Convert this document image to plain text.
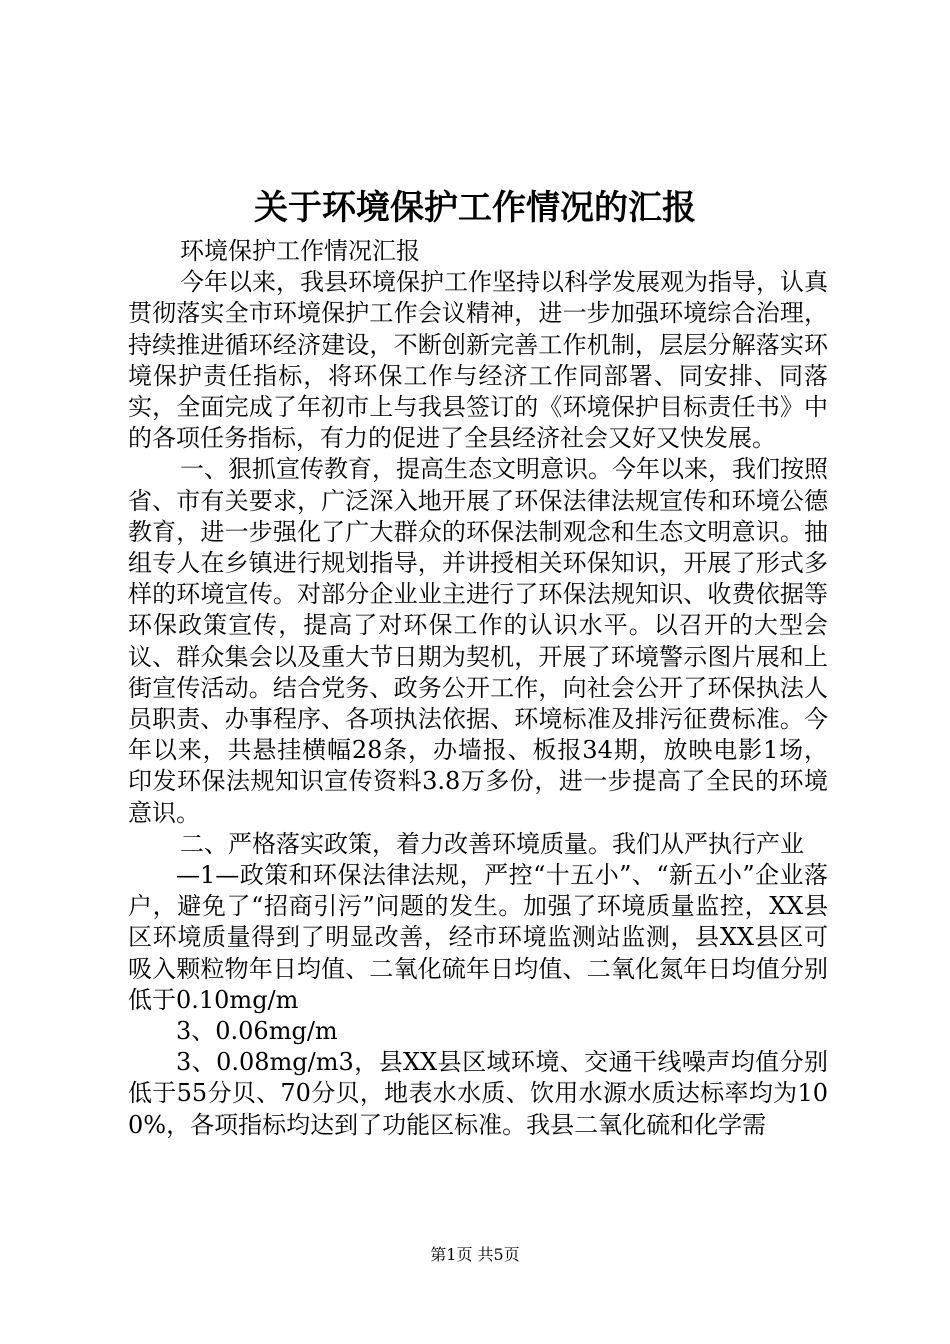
关于环境保护工作情况的汇报

环境保护工作情况汇报

今年以来，我县环境保护工作坚持以科学发展观为指导，认真贯彻落实全市环境保护工作会议精神，进一步加强环境综合治理，持续推进循环经济建设，不断创新完善工作机制，层层分解落实环境保护责任指标，将环保工作与经济工作同部署、同安排、同落实，全面完成了年初市上与我县签订的《环境保护目标责任书》中的各项任务指标，有力的促进了全县经济社会又好又快发展。

一、狠抓宣传教育，提高生态文明意识。今年以来，我们按照省、市有关要求，广泛深入地开展了环保法律法规宣传和环境公德教育，进一步强化了广大群众的环保法制观念和生态文明意识。抽组专人在乡镇进行规划指导，并讲授相关环保知识，开展了形式多样的环境宣传。对部分企业业主进行了环保法规知识、收费依据等环保政策宣传，提高了对环保工作的认识水平。以召开的大型会议、群众集会以及重大节日期为契机，开展了环境警示图片展和上街宣传活动。结合党务、政务公开工作，向社会公开了环保执法人员职责、办事程序、各项执法依据、环境标准及排污征费标准。今年以来，共悬挂横幅28条，办墙报、板报34期，放映电影1场，印发环保法规知识宣传资料3.8万多份，进一步提高了全民的环境意识。

二、严格落实政策，着力改善环境质量。我们从严执行产业

—1—政策和环保法律法规，严控“十五小”、“新五小”企业落户，避免了“招商引污”问题的发生。加强了环境质量监控，XX县区环境质量得到了明显改善，经市环境监测站监测，县XX县区可吸入颗粒物年日均值、二氧化硫年日均值、二氧化氮年日均值分别低于0.10mg/m

3、0.06mg/m

3、0.08mg/m3，县XX县区域环境、交通干线噪声均值分别低于55分贝、70分贝，地表水水质、饮用水源水质达标率均为100%，各项指标均达到了功能区标准。我县二氧化硫和化学需

第1页 共5页
